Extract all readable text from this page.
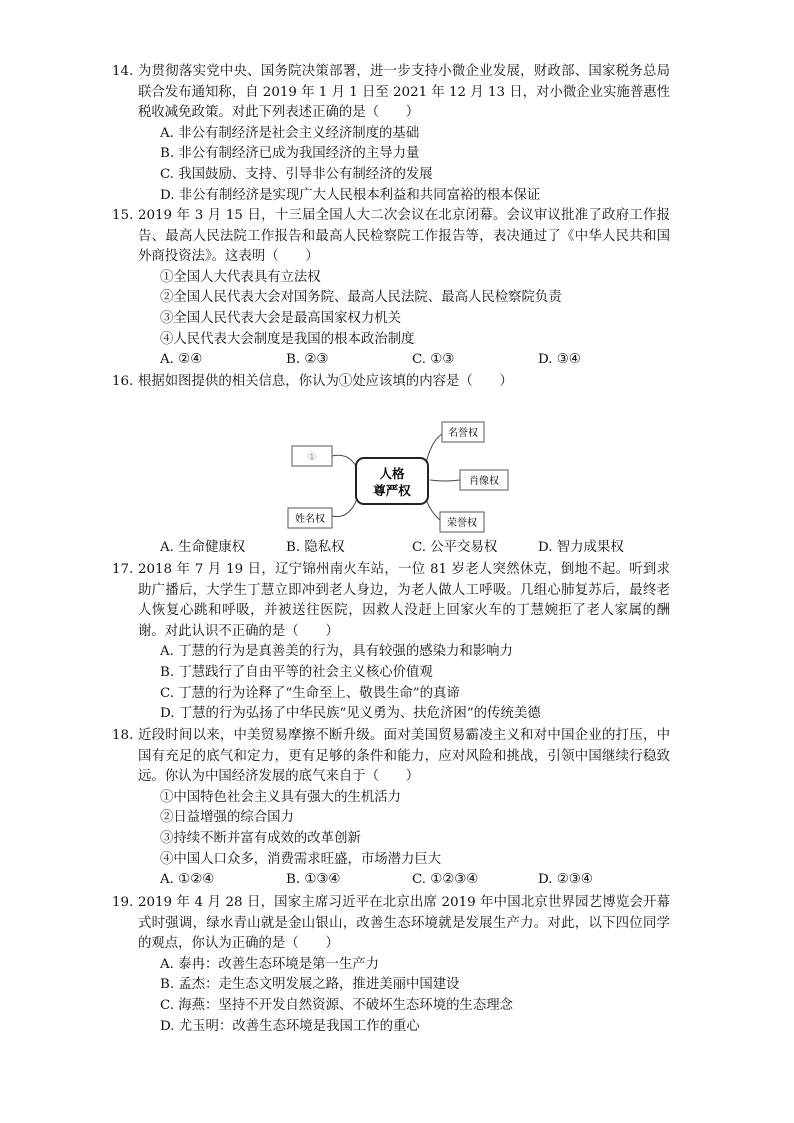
14. 为贯彻落实党中央、国务院决策部署，进一步支持小微企业发展，财政部、国家税务总局联合发布通知称，自 2019 年 1 月 1 日至 2021 年 12 月 13 日，对小微企业实施普惠性税收减免政策。对此下列表述正确的是（　　）
A. 非公有制经济是社会主义经济制度的基础
B. 非公有制经济已成为我国经济的主导力量
C. 我国鼓励、支持、引导非公有制经济的发展
D. 非公有制经济是实现广大人民根本利益和共同富裕的根本保证
15. 2019 年 3 月 15 日，十三届全国人大二次会议在北京闭幕。会议审议批准了政府工作报告、最高人民法院工作报告和最高人民检察院工作报告等，表决通过了《中华人民共和国外商投资法》。这表明（　　）
①全国人大代表具有立法权
②全国人民代表大会对国务院、最高人民法院、最高人民检察院负责
③全国人民代表大会是最高国家权力机关
④人民代表大会制度是我国的根本政治制度
A. ②④	B. ②③	C. ①③	D. ③④
16. 根据如图提供的相关信息，你认为①处应该填的内容是（　　）
人格
尊严权
①
名誉权
肖像权
荣誉权
姓名权
A. 生命健康权	B. 隐私权	C. 公平交易权	D. 智力成果权
17. 2018 年 7 月 19 日，辽宁锦州南火车站，一位 81 岁老人突然休克，倒地不起。听到求助广播后，大学生丁慧立即冲到老人身边，为老人做人工呼吸。几组心肺复苏后，最终老人恢复心跳和呼吸，并被送往医院，因救人没赶上回家火车的丁慧婉拒了老人家属的酬谢。对此认识不正确的是（　　）
A. 丁慧的行为是真善美的行为，具有较强的感染力和影响力
B. 丁慧践行了自由平等的社会主义核心价值观
C. 丁慧的行为诠释了“生命至上、敬畏生命”的真谛
D. 丁慧的行为弘扬了中华民族“见义勇为、扶危济困”的传统美德
18. 近段时间以来，中美贸易摩擦不断升级。面对美国贸易霸凌主义和对中国企业的打压，中国有充足的底气和定力，更有足够的条件和能力，应对风险和挑战，引领中国继续行稳致远。你认为中国经济发展的底气来自于（　　）
①中国特色社会主义具有强大的生机活力
②日益增强的综合国力
③持续不断并富有成效的改革创新
④中国人口众多，消费需求旺盛，市场潜力巨大
A. ①②④	B. ①③④	C. ①②③④	D. ②③④
19. 2019 年 4 月 28 日，国家主席习近平在北京出席 2019 年中国北京世界园艺博览会开幕式时强调，绿水青山就是金山银山，改善生态环境就是发展生产力。对此，以下四位同学的观点，你认为正确的是（　　）
A. 泰冉：改善生态环境是第一生产力
B. 孟杰：走生态文明发展之路，推进美丽中国建设
C. 海燕：坚持不开发自然资源、不破坏生态环境的生态理念
D. 尤玉明：改善生态环境是我国工作的重心
